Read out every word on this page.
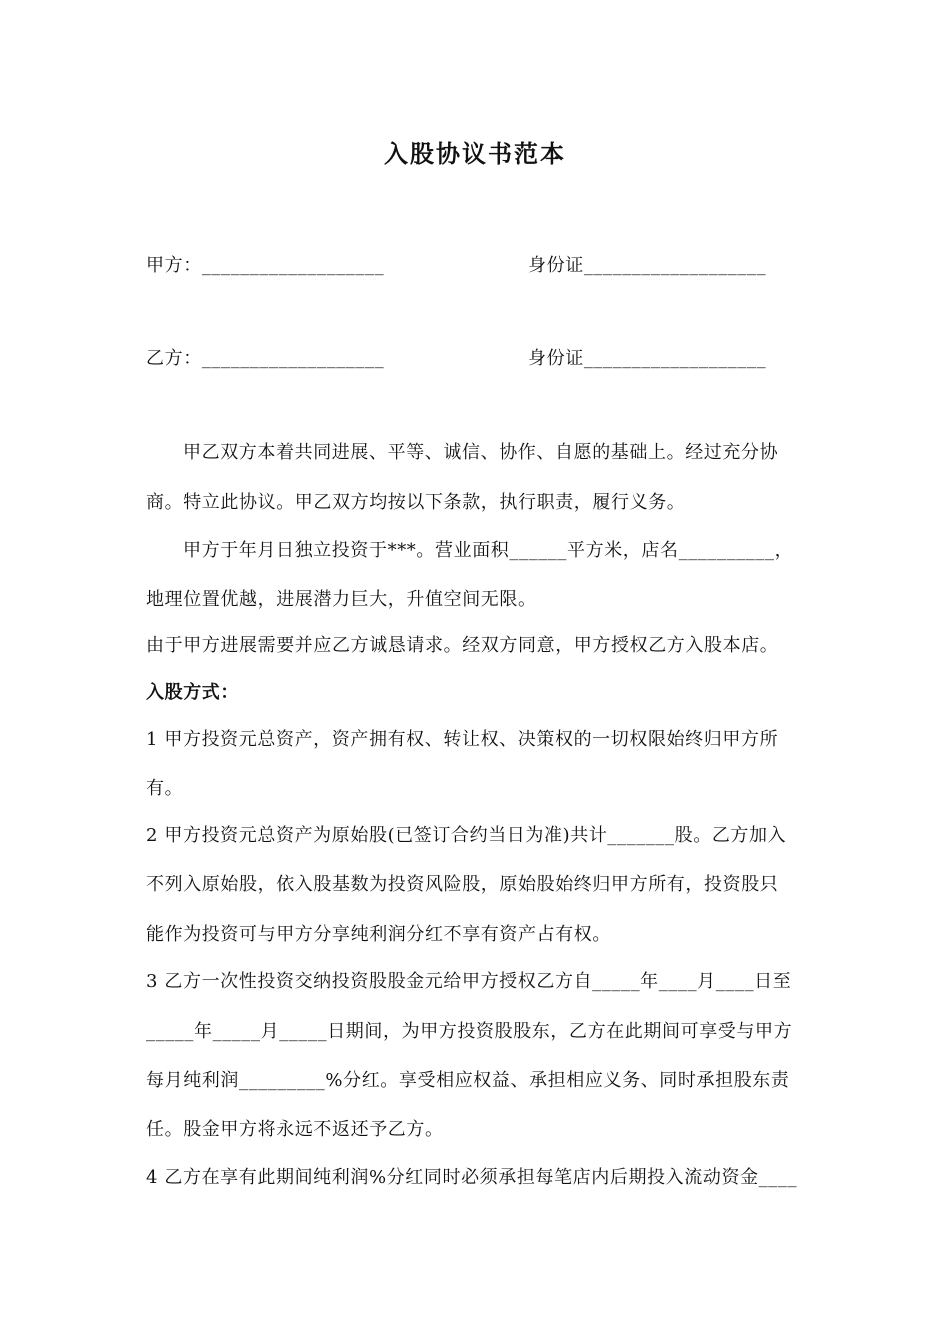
入股协议书范本
甲方：___________________	身份证___________________
乙方：___________________	身份证___________________
甲乙双方本着共同进展、平等、诚信、协作、自愿的基础上。经过充分协
商。特立此协议。甲乙双方均按以下条款，执行职责，履行义务。
甲方于年月日独立投资于***。营业面积______平方米，店名__________，
地理位置优越，进展潜力巨大，升值空间无限。
由于甲方进展需要并应乙方诚恳请求。经双方同意，甲方授权乙方入股本店。
入股方式：
1 甲方投资元总资产，资产拥有权、转让权、决策权的一切权限始终归甲方所
有。
2 甲方投资元总资产为原始股(已签订合约当日为准)共计_______股。乙方加入
不列入原始股，依入股基数为投资风险股，原始股始终归甲方所有，投资股只
能作为投资可与甲方分享纯利润分红不享有资产占有权。
3 乙方一次性投资交纳投资股股金元给甲方授权乙方自_____年____月____日至
_____年_____月_____日期间，为甲方投资股股东，乙方在此期间可享受与甲方
每月纯利润_________%分红。享受相应权益、承担相应义务、同时承担股东责
任。股金甲方将永远不返还予乙方。
4 乙方在享有此期间纯利润%分红同时必须承担每笔店内后期投入流动资金____
